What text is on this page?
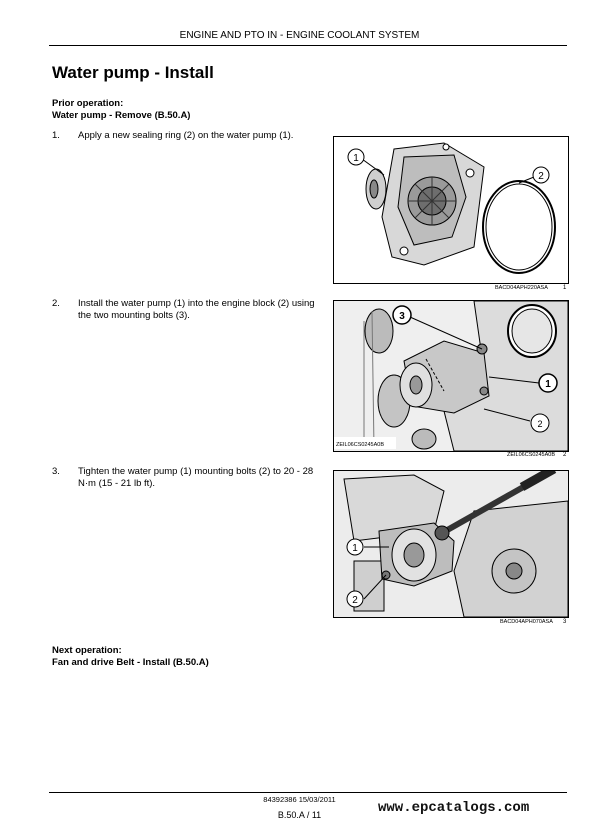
ENGINE AND PTO IN - ENGINE COOLANT SYSTEM
Water pump - Install
Prior operation:
Water pump - Remove (B.50.A)
1. Apply a new sealing ring (2) on the water pump (1).
1
2
BACD04APH220ASA	1
2. Install the water pump (1) into the engine block (2) using the two mounting bolts (3).
ZEIL06CS0245A0B
3
1
2
ZEIL06CS0245A0B 2
3. Tighten the water pump (1) mounting bolts (2) to 20 - 28 N·m (15 - 21 lb ft).
1
2
BACD04APH070ASA 3
Next operation:
Fan and drive Belt - Install (B.50.A)
84392386 15/03/2011
B.50.A / 11	www.epcatalogs.com
